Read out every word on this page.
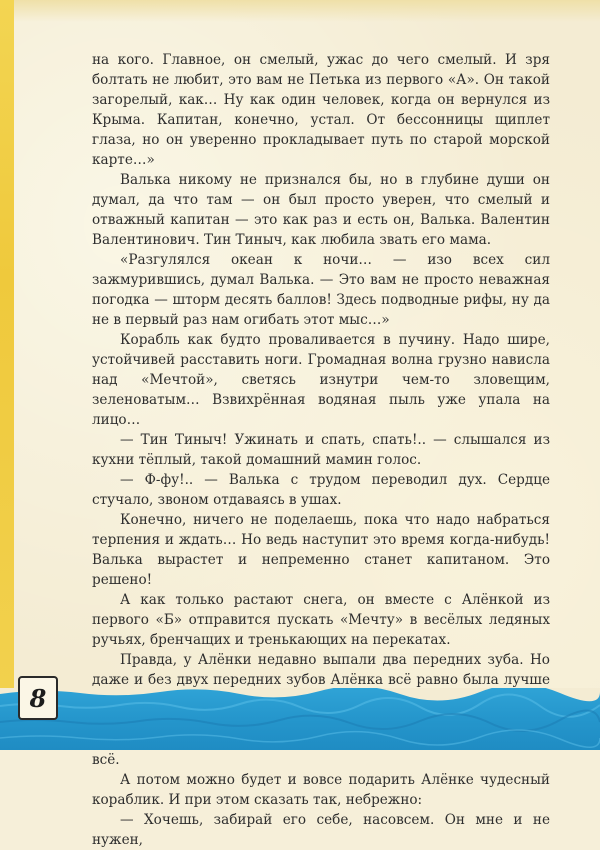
на кого. Главное, он смелый, ужас до чего смелый. И зря болтать не любит, это вам не Петька из первого «А». Он такой загорелый, как… Ну как один человек, когда он вернулся из Крыма. Капитан, конечно, устал. От бессонницы щиплет глаза, но он уверенно прокладывает путь по старой морской карте…»

Валька никому не признался бы, но в глубине души он думал, да что там — он был просто уверен, что смелый и отважный капитан — это как раз и есть он, Валька. Валентин Валентинович. Тин Тиныч, как любила звать его мама.

«Разгулялся океан к ночи… — изо всех сил зажмурившись, думал Валька. — Это вам не просто неважная погодка — шторм десять баллов! Здесь подводные рифы, ну да не в первый раз нам огибать этот мыс…»

Корабль как будто проваливается в пучину. Надо шире, устойчивей расставить ноги. Громадная волна грузно нависла над «Мечтой», светясь изнутри чем-то зловещим, зеленоватым… Взвихрённая водяная пыль уже упала на лицо…

— Тин Тиныч! Ужинать и спать, спать!.. — слышался из кухни тёплый, такой домашний мамин голос.

— Ф-фу!.. — Валька с трудом переводил дух. Сердце стучало, звоном отдаваясь в ушах.

Конечно, ничего не поделаешь, пока что надо набраться терпения и ждать… Но ведь наступит это время когда-нибудь! Валька вырастет и непременно станет капитаном. Это решено!

А как только растают снега, он вместе с Алёнкой из первого «Б» отправится пускать «Мечту» в весёлых ледяных ручьях, бренчащих и треньκающих на перекатах.

Правда, у Алёнки недавно выпали два передних зуба. Но даже и без двух передних зубов Алёнка всё равно была лучше всё.

А потом можно будет и вовсе подарить Алёнке чудесный кораблик. И при этом сказать так, небрежно:

— Хочешь, забирай его себе, насовсем. Он мне и не нужен,

8
